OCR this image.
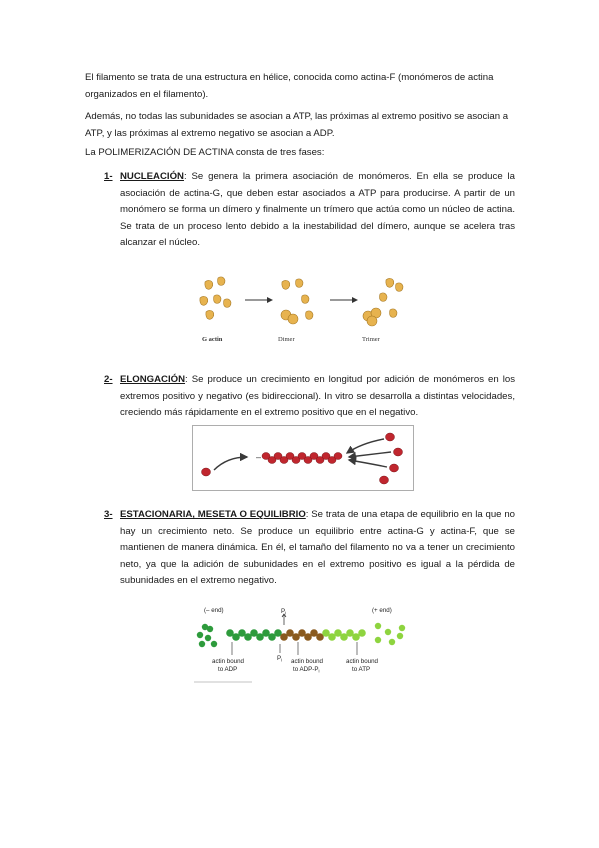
El filamento se trata de una estructura en hélice, conocida como actina-F (monómeros de actina organizados en el filamento).

Además, no todas las subunidades se asocian a ATP, las próximas al extremo positivo se asocian a ATP, y las próximas al extremo negativo se asocian a ADP.

La POLIMERIZACIÓN DE ACTINA consta de tres fases:

1- NUCLEACIÓN: Se genera la primera asociación de monómeros. En ella se produce la asociación de actina-G, que deben estar asociados a ATP para producirse. A partir de un monómero se forma un dímero y finalmente un trímero que actúa como un núcleo de actina. Se trata de un proceso lento debido a la inestabilidad del dímero, aunque se acelera tras alcanzar el núcleo.

G actin	Dimer	Trimer
2- ELONGACIÓN: Se produce un crecimiento en longitud por adición de monómeros en los extremos positivo y negativo (es bidireccional). In vitro se desarrolla a distintas velocidades, creciendo más rápidamente en el extremo positivo que en el negativo.

–
3- ESTACIONARIA, MESETA O EQUILIBRIO: Se trata de una etapa de equilibrio en la que no hay un crecimiento neto. Se produce un equilibrio entre actina-G y actina-F, que se mantienen de manera dinámica. En él, el tamaño del filamento no va a tener un crecimiento neto, ya que la adición de subunidades en el extremo positivo es igual a la pérdida de subunidades en el extremo negativo.

(– end)	(+ end)
$P_i$
$P_i$
actin bound
to ADP
actin bound
to ADP-$P_i$
actin bound
to ATP
